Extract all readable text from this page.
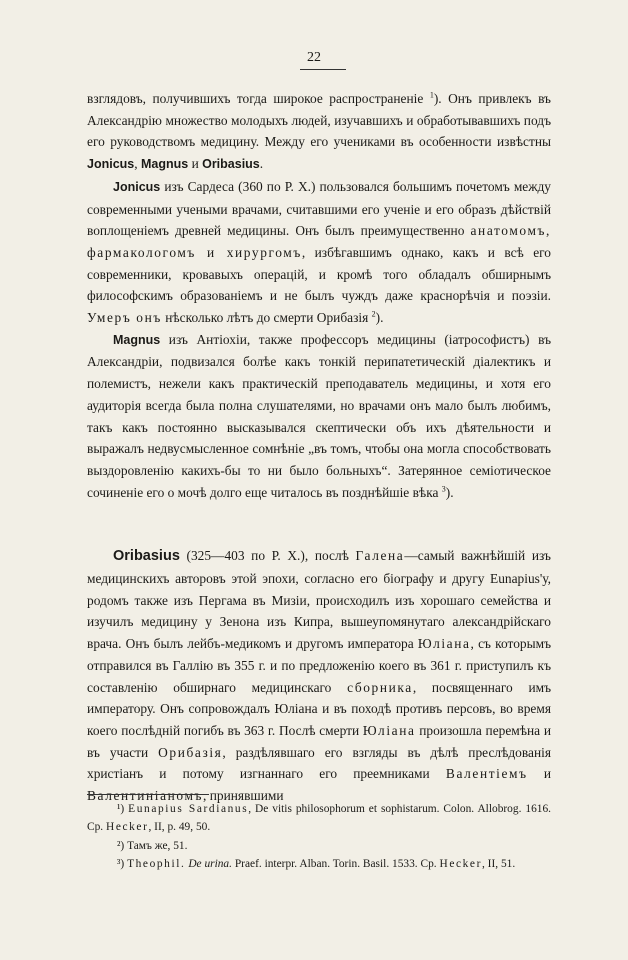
22

взглядовъ, получившихъ тогда широкое распространеніе $^1$). Онъ привлекъ въ Александрію множество молодыхъ людей, изучавшихъ и обработывавшихъ подъ его руководствомъ медицину. Между его учениками въ особенности извѣстны Jonicus, Magnus и Oribasius.

Jonicus изъ Сардеса (360 по Р. Х.) пользовался большимъ почетомъ между современными учеными врачами, считавшими его ученіе и его образъ дѣйствій воплощеніемъ древней медицины. Онъ былъ преимущественно анатомомъ, фармакологомъ и хирургомъ, избѣгавшимъ однако, какъ и всѣ его современники, кровавыхъ операцій, и кромѣ того обладалъ обширнымъ философскимъ образованіемъ и не былъ чуждъ даже краснорѣчія и поэзіи. Умеръ онъ нѣсколько лѣтъ до смерти Орибазія $^2$).

Magnus изъ Антіохіи, также профессоръ медицины (іатрософистъ) въ Александріи, подвизался болѣе какъ тонкій перипатетическій діалектикъ и полемистъ, нежели какъ практическій преподаватель медицины, и хотя его аудиторія всегда была полна слушателями, но врачами онъ мало былъ любимъ, такъ какъ постоянно высказывался скептически объ ихъ дѣятельности и выражалъ недвусмысленное сомнѣніе „въ томъ, чтобы она могла способствовать выздоровленію какихъ-бы то ни было больныхъ“. Затерянное семіотическое сочиненіе его о мочѣ долго еще читалось въ позднѣйшіе вѣка $^3$).

Oribasius (325—403 по Р. Х.), послѣ Галена—самый важнѣйшій изъ медицинскихъ авторовъ этой эпохи, согласно его біографу и другу Eunapius'у, родомъ также изъ Пергама въ Мизіи, происходилъ изъ хорошаго семейства и изучилъ медицину у Зенона изъ Кипра, вышеупомянутаго александрійскаго врача. Онъ былъ лейбъ-медикомъ и другомъ императора Юліана, съ которымъ отправился въ Галлію въ 355 г. и по предложенію коего въ 361 г. приступилъ къ составленію обширнаго медицинскаго сборника, посвященнаго имъ императору. Онъ сопровождалъ Юліана и въ походѣ противъ персовъ, во время коего послѣдній погибъ въ 363 г. Послѣ смерти Юліана произошла перемѣна и въ участи Орибазія, раздѣлявшаго его взгляды въ дѣлѣ преслѣдованія христіанъ и потому изгнаннаго его преемниками Валентіемъ и Валентиніаномъ, принявшими

¹) Eunapius Sardianus, De vitis philosophorum et sophistarum. Colon. Allobrog. 1616. Ср. Hecker, II, p. 49, 50.

²) Тамъ же, 51.

³) Theophil. De urina. Praef. interpr. Alban. Torin. Basil. 1533. Ср. Hecker, II, 51.
